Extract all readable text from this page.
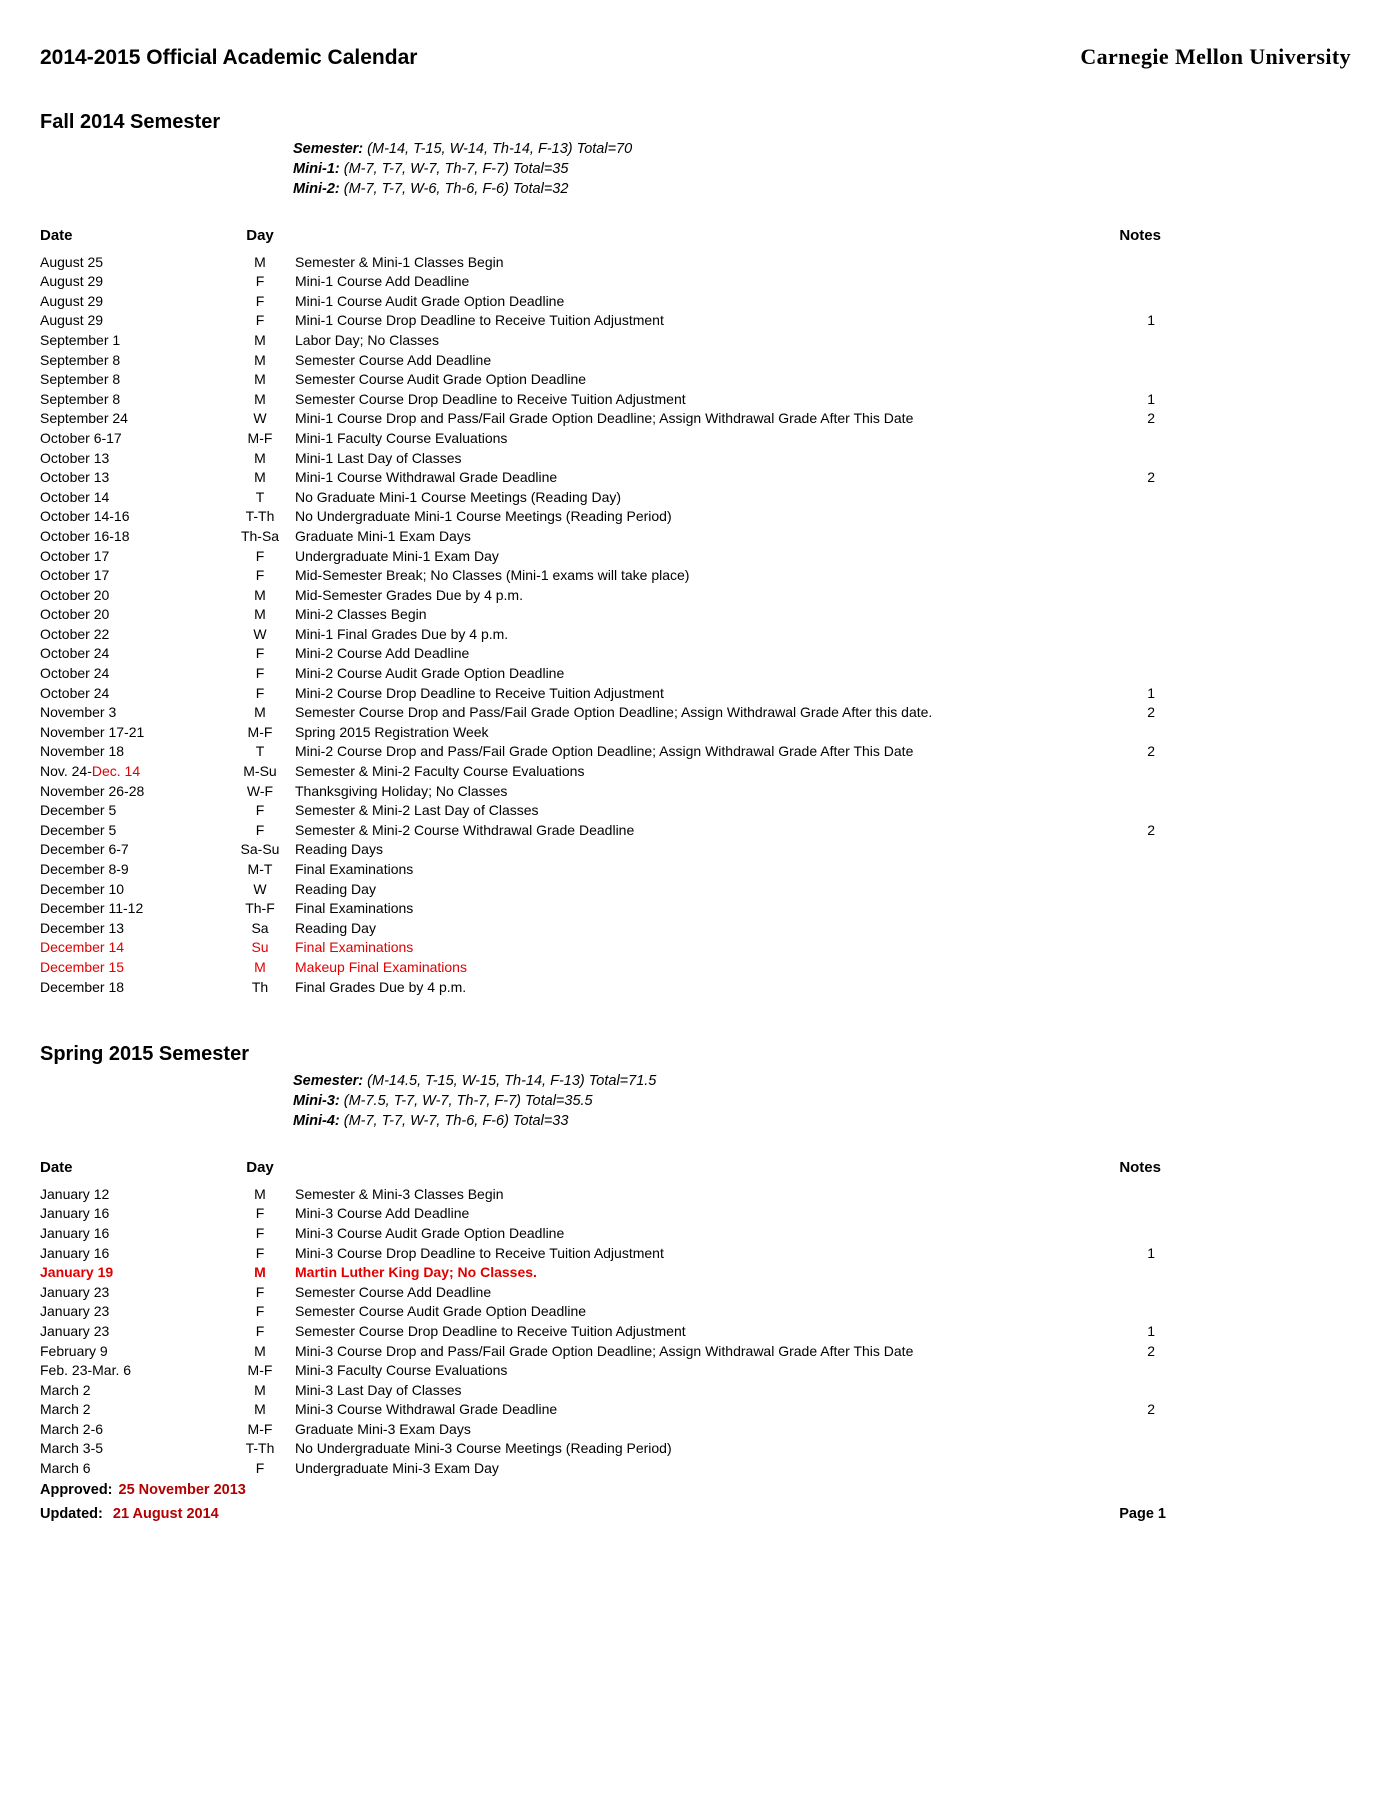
2014-2015 Official Academic Calendar	Carnegie Mellon University
Fall 2014 Semester
Semester: (M-14, T-15, W-14, Th-14, F-13) Total=70
Mini-1: (M-7, T-7, W-7, Th-7, F-7) Total=35
Mini-2: (M-7, T-7, W-6, Th-6, F-6) Total=32
Date	Day	Notes
August 25	M	Semester & Mini-1 Classes Begin
August 29	F	Mini-1 Course Add Deadline
August 29	F	Mini-1 Course Audit Grade Option Deadline
August 29	F	Mini-1 Course Drop Deadline to Receive Tuition Adjustment	1
September 1	M	Labor Day; No Classes
September 8	M	Semester Course Add Deadline
September 8	M	Semester Course Audit Grade Option Deadline
September 8	M	Semester Course Drop Deadline to Receive Tuition Adjustment	1
September 24	W	Mini-1 Course Drop and Pass/Fail Grade Option Deadline; Assign Withdrawal Grade After This Date	2
October 6-17	M-F	Mini-1 Faculty Course Evaluations
October 13	M	Mini-1 Last Day of Classes
October 13	M	Mini-1 Course Withdrawal Grade Deadline	2
October 14	T	No Graduate Mini-1 Course Meetings (Reading Day)
October 14-16	T-Th	No Undergraduate Mini-1 Course Meetings (Reading Period)
October 16-18	Th-Sa	Graduate Mini-1 Exam Days
October 17	F	Undergraduate Mini-1 Exam Day
October 17	F	Mid-Semester Break; No Classes (Mini-1 exams will take place)
October 20	M	Mid-Semester Grades Due by 4 p.m.
October 20	M	Mini-2 Classes Begin
October 22	W	Mini-1 Final Grades Due by 4 p.m.
October 24	F	Mini-2 Course Add Deadline
October 24	F	Mini-2 Course Audit Grade Option Deadline
October 24	F	Mini-2 Course Drop Deadline to Receive Tuition Adjustment	1
November 3	M	Semester Course Drop and Pass/Fail Grade Option Deadline; Assign Withdrawal Grade After this date.	2
November 17-21	M-F	Spring 2015 Registration Week
November 18	T	Mini-2 Course Drop and Pass/Fail Grade Option Deadline; Assign Withdrawal Grade After This Date	2
Nov. 24-Dec. 14	M-Su	Semester & Mini-2 Faculty Course Evaluations
November 26-28	W-F	Thanksgiving Holiday; No Classes
December 5	F	Semester & Mini-2 Last Day of Classes
December 5	F	Semester & Mini-2 Course Withdrawal Grade Deadline	2
December 6-7	Sa-Su	Reading Days
December 8-9	M-T	Final Examinations
December 10	W	Reading Day
December 11-12	Th-F	Final Examinations
December 13	Sa	Reading Day
December 14	Su	Final Examinations
December 15	M	Makeup Final Examinations
December 18	Th	Final Grades Due by 4 p.m.
Spring 2015 Semester
Semester: (M-14.5, T-15, W-15, Th-14, F-13) Total=71.5
Mini-3: (M-7.5, T-7, W-7, Th-7, F-7) Total=35.5
Mini-4: (M-7, T-7, W-7, Th-6, F-6) Total=33
Date	Day	Notes
January 12	M	Semester & Mini-3 Classes Begin
January 16	F	Mini-3 Course Add Deadline
January 16	F	Mini-3 Course Audit Grade Option Deadline
January 16	F	Mini-3 Course Drop Deadline to Receive Tuition Adjustment	1
January 19	M	Martin Luther King Day; No Classes.
January 23	F	Semester Course Add Deadline
January 23	F	Semester Course Audit Grade Option Deadline
January 23	F	Semester Course Drop Deadline to Receive Tuition Adjustment	1
February 9	M	Mini-3 Course Drop and Pass/Fail Grade Option Deadline; Assign Withdrawal Grade After This Date	2
Feb. 23-Mar. 6	M-F	Mini-3 Faculty Course Evaluations
March 2	M	Mini-3 Last Day of Classes
March 2	M	Mini-3 Course Withdrawal Grade Deadline	2
March 2-6	M-F	Graduate Mini-3 Exam Days
March 3-5	T-Th	No Undergraduate Mini-3 Course Meetings (Reading Period)
March 6	F	Undergraduate Mini-3 Exam Day
Approved: 25 November 2013
Updated: 21 August 2014	Page 1
